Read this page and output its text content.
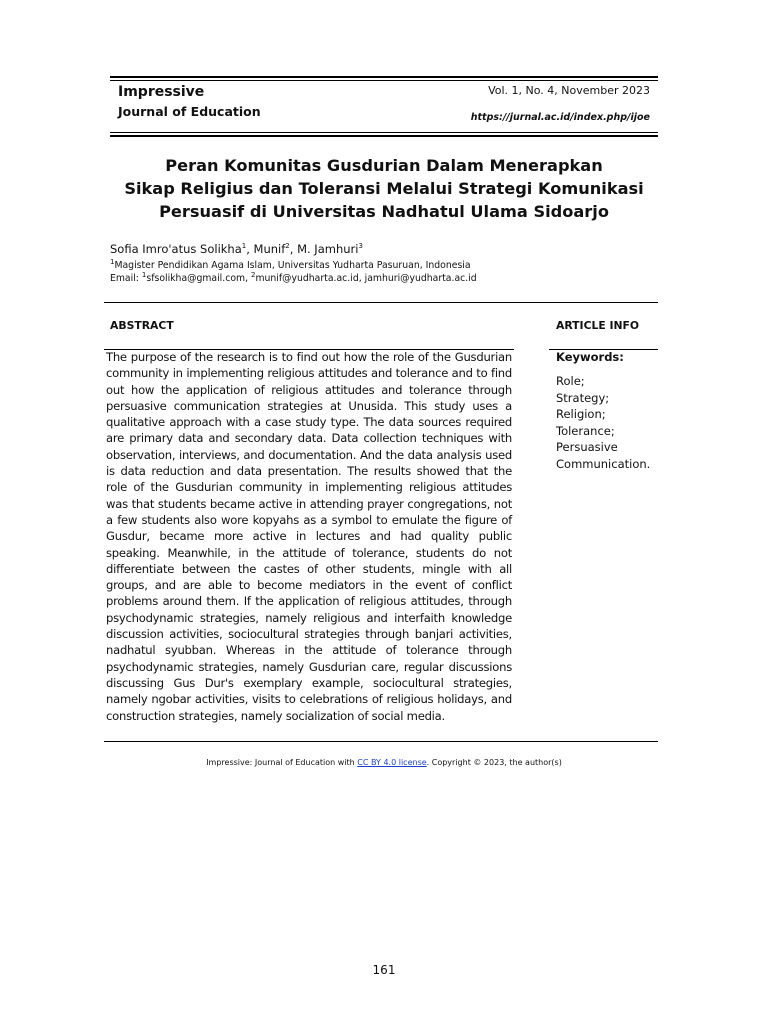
Impressive
Journal of Education
Vol. 1, No. 4, November 2023
https://jurnal.ac.id/index.php/ijoe
Peran Komunitas Gusdurian Dalam Menerapkan
Sikap Religius dan Toleransi Melalui Strategi Komunikasi
Persuasif di Universitas Nadhatul Ulama Sidoarjo
Sofia Imro'atus Solikha$^1$, Munif$^2$, M. Jamhuri$^3$
$^1$Magister Pendidikan Agama Islam, Universitas Yudharta Pasuruan, Indonesia
Email: $^1$sfsolikha@gmail.com, $^2$munif@yudharta.ac.id, jamhuri@yudharta.ac.id
ABSTRACT	ARTICLE INFO

The purpose of the research is to find out how the role of the Gusdurian community in implementing religious attitudes and tolerance and to find out how the application of religious attitudes and tolerance through persuasive communication strategies at Unusida. This study uses a qualitative approach with a case study type. The data sources required are primary data and secondary data. Data collection techniques with observation, interviews, and documentation. And the data analysis used is data reduction and data presentation. The results showed that the role of the Gusdurian community in implementing religious attitudes was that students became active in attending prayer congregations, not a few students also wore kopyahs as a symbol to emulate the figure of Gusdur, became more active in lectures and had quality public speaking. Meanwhile, in the attitude of tolerance, students do not differentiate between the castes of other students, mingle with all groups, and are able to become mediators in the event of conflict problems around them. If the application of religious attitudes, through psychodynamic strategies, namely religious and interfaith knowledge discussion activities, sociocultural strategies through banjari activities, nadhatul syubban. Whereas in the attitude of tolerance through psychodynamic strategies, namely Gusdurian care, regular discussions discussing Gus Dur's exemplary example, sociocultural strategies, namely ngobar activities, visits to celebrations of religious holidays, and construction strategies, namely socialization of social media.

Keywords:
Role;
Strategy;
Religion;
Tolerance;
Persuasive
Communication.
Impressive: Journal of Education with CC BY 4.0 license. Copyright © 2023, the author(s)
161
